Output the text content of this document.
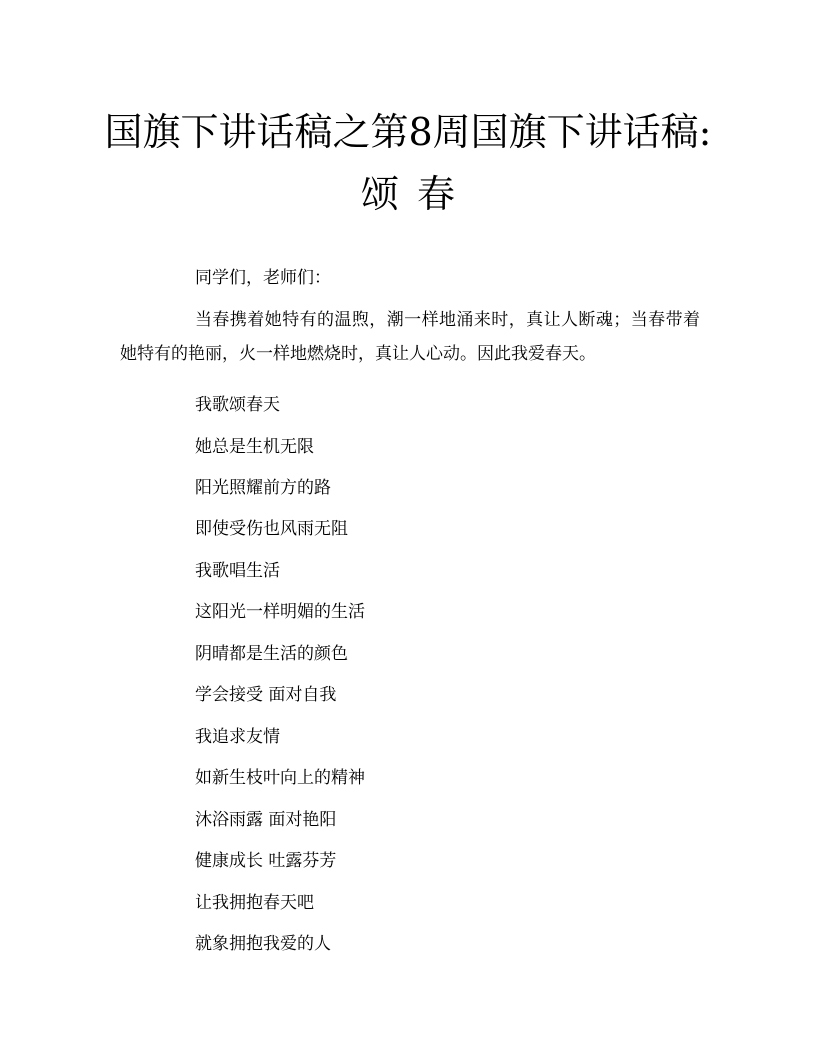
国旗下讲话稿之第8周国旗下讲话稿:
颂春
同学们，老师们：
当春携着她特有的温煦，潮一样地涌来时，真让人断魂；当春带着她特有的艳丽，火一样地燃烧时，真让人心动。因此我爱春天。
我歌颂春天
她总是生机无限
阳光照耀前方的路
即使受伤也风雨无阻
我歌唱生活
这阳光一样明媚的生活
阴晴都是生活的颜色
学会接受 面对自我
我追求友情
如新生枝叶向上的精神
沐浴雨露 面对艳阳
健康成长 吐露芬芳
让我拥抱春天吧
就象拥抱我爱的人
